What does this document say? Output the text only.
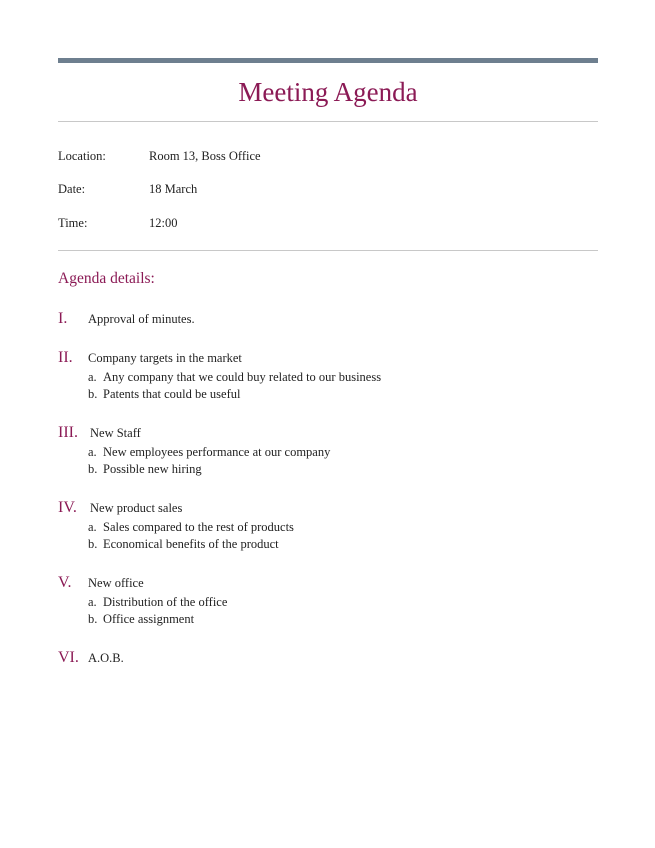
Meeting Agenda
Location:	Room 13, Boss Office
Date:	18 March
Time:	12:00
Agenda details:
I. Approval of minutes.
II. Company targets in the market
a. Any company that we could buy related to our business
b. Patents that could be useful
III. New Staff
a. New employees performance at our company
b. Possible new hiring
IV. New product sales
a. Sales compared to the rest of products
b. Economical benefits of the product
V. New office
a. Distribution of the office
b. Office assignment
VI. A.O.B.
